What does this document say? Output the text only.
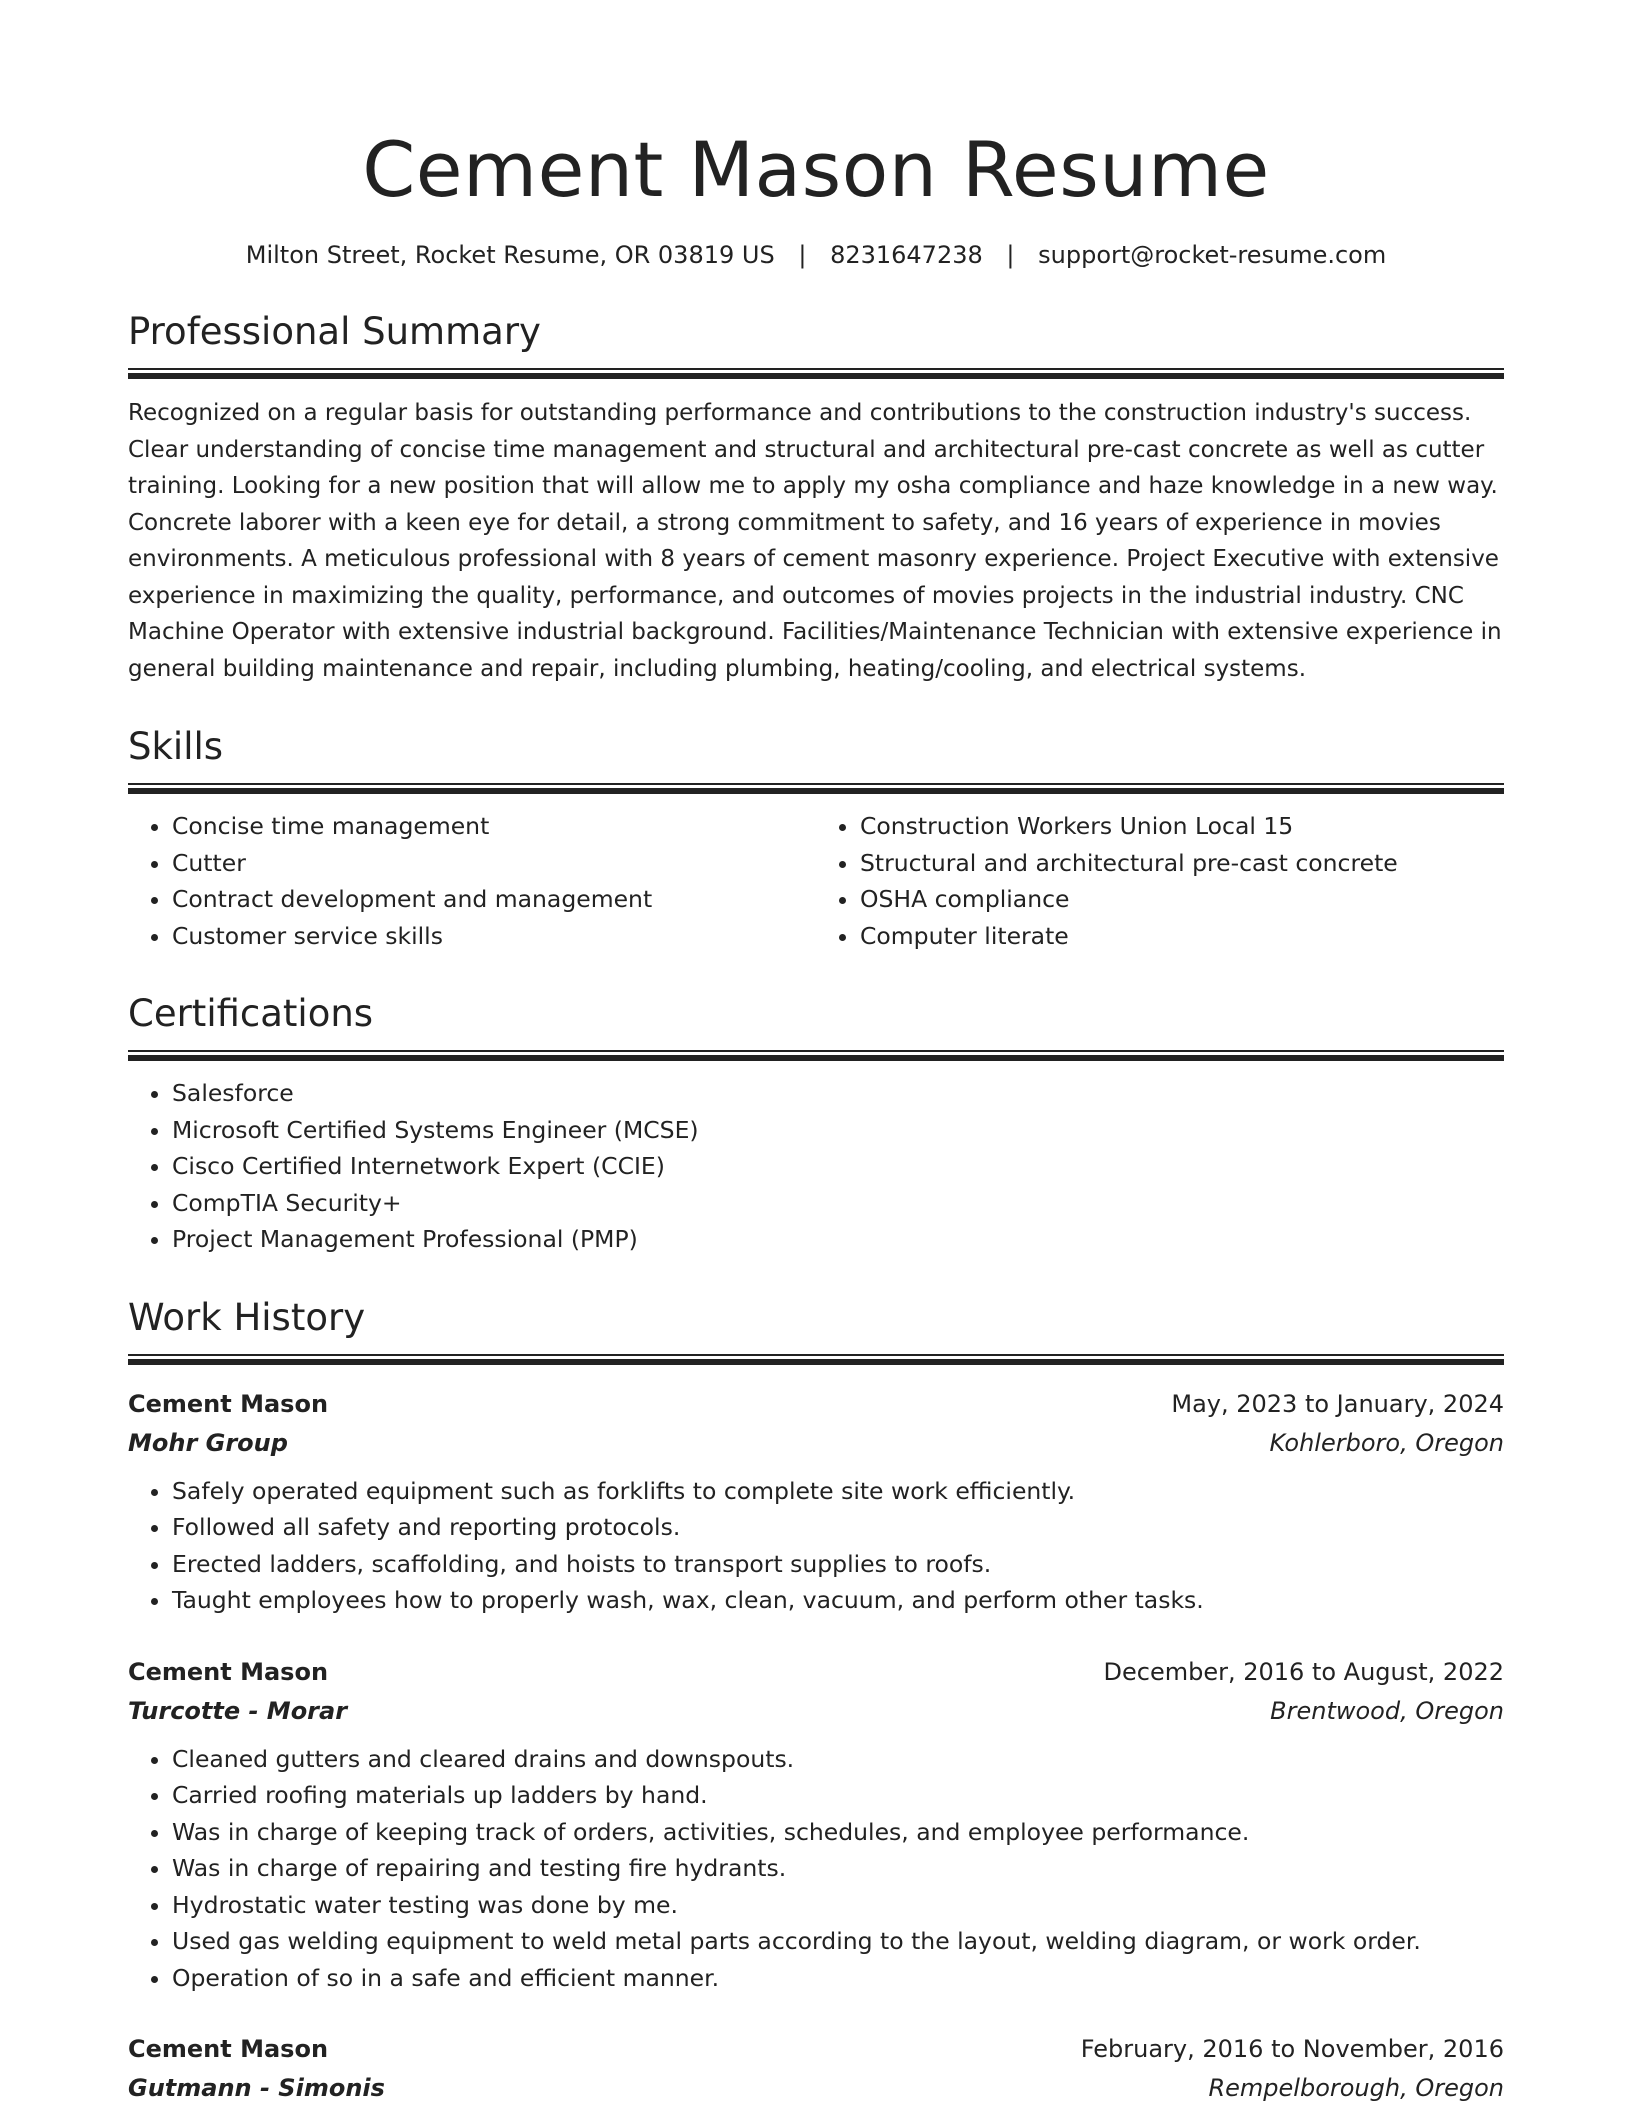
Cement Mason Resume
Milton Street, Rocket Resume, OR 03819 US | 8231647238 | support@rocket-resume.com
Professional Summary

Recognized on a regular basis for outstanding performance and contributions to the construction industry's success. Clear understanding of concise time management and structural and architectural pre-cast concrete as well as cutter training. Looking for a new position that will allow me to apply my osha compliance and haze knowledge in a new way. Concrete laborer with a keen eye for detail, a strong commitment to safety, and 16 years of experience in movies environments. A meticulous professional with 8 years of cement masonry experience. Project Executive with extensive experience in maximizing the quality, performance, and outcomes of movies projects in the industrial industry. CNC Machine Operator with extensive industrial background. Facilities/Maintenance Technician with extensive experience in general building maintenance and repair, including plumbing, heating/cooling, and electrical systems.

Skills
• Concise time management
• Cutter
• Contract development and management
• Customer service skills
• Construction Workers Union Local 15
• Structural and architectural pre-cast concrete
• OSHA compliance
• Computer literate
Certifications
• Salesforce
• Microsoft Certified Systems Engineer (MCSE)
• Cisco Certified Internetwork Expert (CCIE)
• CompTIA Security+
• Project Management Professional (PMP)
Work History
Cement Mason	May, 2023 to January, 2024
Mohr Group	Kohlerboro, Oregon
• Safely operated equipment such as forklifts to complete site work efficiently.
• Followed all safety and reporting protocols.
• Erected ladders, scaffolding, and hoists to transport supplies to roofs.
• Taught employees how to properly wash, wax, clean, vacuum, and perform other tasks.
Cement Mason	December, 2016 to August, 2022
Turcotte - Morar	Brentwood, Oregon
• Cleaned gutters and cleared drains and downspouts.
• Carried roofing materials up ladders by hand.
• Was in charge of keeping track of orders, activities, schedules, and employee performance.
• Was in charge of repairing and testing fire hydrants.
• Hydrostatic water testing was done by me.
• Used gas welding equipment to weld metal parts according to the layout, welding diagram, or work order.
• Operation of so in a safe and efficient manner.
Cement Mason	February, 2016 to November, 2016
Gutmann - Simonis	Rempelborough, Oregon
